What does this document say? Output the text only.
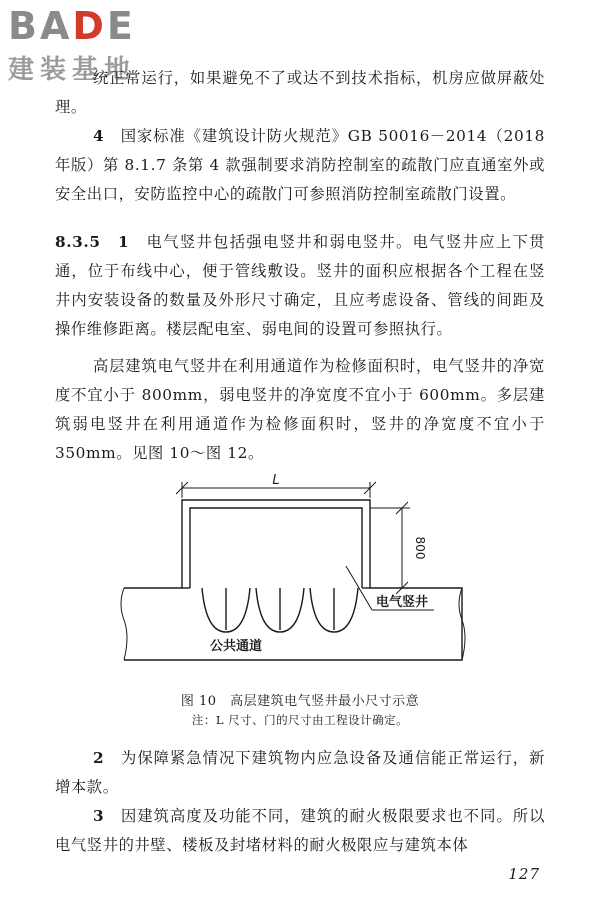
BADE
建装基地

统正常运行，如果避免不了或达不到技术指标，机房应做屏蔽处理。

4　 国家标准《建筑设计防火规范》GB 50016－2014（2018年版）第 8.1.7 条第 4 款强制要求消防控制室的疏散门应直通室外或安全出口，安防监控中心的疏散门可参照消防控制室疏散门设置。

8.3.5　1　 电气竖井包括强电竖井和弱电竖井。电气竖井应上下贯通，位于布线中心，便于管线敷设。竖井的面积应根据各个工程在竖井内安装设备的数量及外形尺寸确定，且应考虑设备、管线的间距及操作维修距离。楼层配电室、弱电间的设置可参照执行。

高层建筑电气竖井在利用通道作为检修面积时，电气竖井的净宽度不宜小于 800mm，弱电竖井的净宽度不宜小于 600mm。多层建筑弱电竖井在利用通道作为检修面积时，竖井的净宽度不宜小于 350mm。见图 10～图 12。

L
800
电气竖井
公共通道
图 10　高层建筑电气竖井最小尺寸示意
注：L 尺寸、门的尺寸由工程设计确定。

2　 为保障紧急情况下建筑物内应急设备及通信能正常运行，新增本款。

3　 因建筑高度及功能不同，建筑的耐火极限要求也不同。所以电气竖井的井壁、楼板及封堵材料的耐火极限应与建筑本体

127
